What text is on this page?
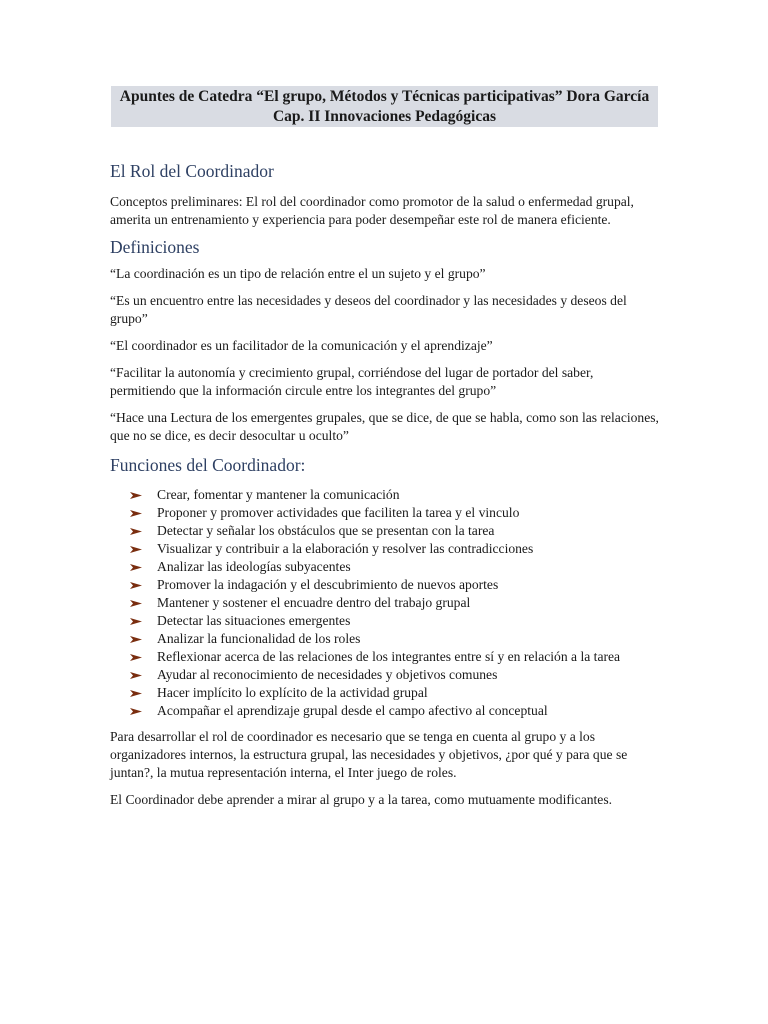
Apuntes de Catedra “El grupo, Métodos y Técnicas participativas” Dora García Cap. II Innovaciones Pedagógicas
El Rol del Coordinador

Conceptos preliminares: El rol del coordinador como promotor de la salud o enfermedad grupal, amerita un entrenamiento y experiencia para poder desempeñar este rol de manera eficiente.

Definiciones

“La coordinación es un tipo de relación entre el un sujeto y el grupo”

“Es un encuentro entre las necesidades y deseos del coordinador y las necesidades y deseos del grupo”

“El coordinador es un facilitador de la comunicación y el aprendizaje”

“Facilitar la autonomía y crecimiento grupal, corriéndose del lugar de portador del saber, permitiendo que la información circule entre los integrantes del grupo”

“Hace una Lectura de los emergentes grupales, que se dice, de que se habla, como son las relaciones, que no se dice, es decir desocultar u oculto”

Funciones del Coordinador:
Crear, fomentar y mantener la comunicación
Proponer y promover actividades que faciliten la tarea y el vinculo
Detectar y señalar los obstáculos que se presentan con la tarea
Visualizar y contribuir a la elaboración y resolver las contradicciones
Analizar las ideologías subyacentes
Promover la indagación y el descubrimiento de nuevos aportes
Mantener y sostener el encuadre dentro del trabajo grupal
Detectar las situaciones emergentes
Analizar la funcionalidad de los roles
Reflexionar acerca de las relaciones de los integrantes entre sí y en relación a la tarea
Ayudar al reconocimiento de necesidades y objetivos comunes
Hacer implícito lo explícito de la actividad grupal
Acompañar el aprendizaje grupal desde el campo afectivo al conceptual

Para desarrollar el rol de coordinador es necesario que se tenga en cuenta al grupo y a los organizadores internos, la estructura grupal, las necesidades y objetivos, ¿por qué y para que se juntan?, la mutua representación interna, el Inter juego de roles.

El Coordinador debe aprender a mirar al grupo y a la tarea, como mutuamente modificantes.
